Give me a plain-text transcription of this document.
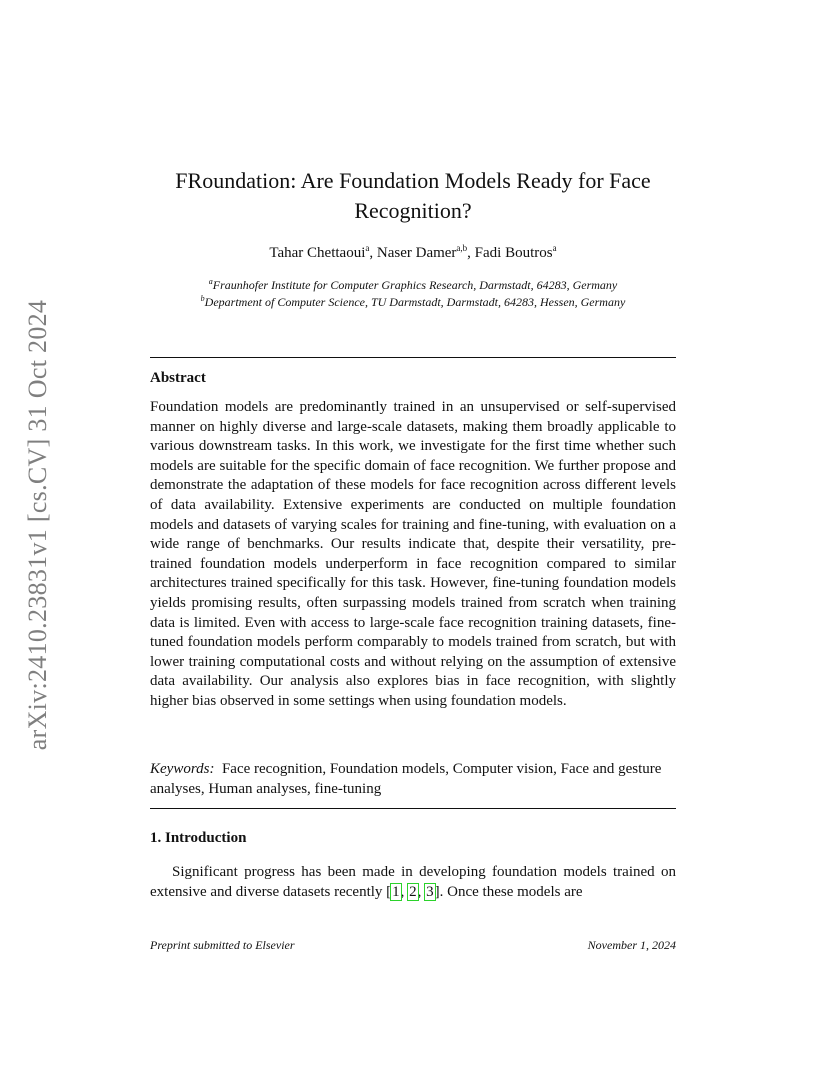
arXiv:2410.23831v1 [cs.CV] 31 Oct 2024
FRoundation: Are Foundation Models Ready for Face
Recognition?
Tahar Chettaoui$^a$, Naser Damer$^{a,b}$, Fadi Boutros$^a$
$^a$Fraunhofer Institute for Computer Graphics Research, Darmstadt, 64283, Germany
$^b$Department of Computer Science, TU Darmstadt, Darmstadt, 64283, Hessen, Germany
Abstract
Foundation models are predominantly trained in an unsupervised or self-supervised manner on highly diverse and large-scale datasets, making them broadly applicable to various downstream tasks. In this work, we investigate for the first time whether such models are suitable for the specific domain of face recognition. We further propose and demonstrate the adaptation of these models for face recognition across different levels of data availability. Extensive experiments are conducted on multiple foundation models and datasets of varying scales for training and fine-tuning, with evaluation on a wide range of benchmarks. Our results indicate that, despite their versatility, pre-trained foundation models underperform in face recognition compared to similar architectures trained specifically for this task. However, fine-tuning foundation models yields promising results, often surpassing models trained from scratch when training data is limited. Even with access to large-scale face recognition training datasets, fine-tuned foundation models perform comparably to models trained from scratch, but with lower training computational costs and without relying on the assumption of extensive data availability. Our analysis also explores bias in face recognition, with slightly higher bias observed in some settings when using foundation models.
Keywords: Face recognition, Foundation models, Computer vision, Face and gesture analyses, Human analyses, fine-tuning
1. Introduction
Significant progress has been made in developing foundation models trained on extensive and diverse datasets recently [1, 2, 3]. Once these models are
Preprint submitted to Elsevier	November 1, 2024
